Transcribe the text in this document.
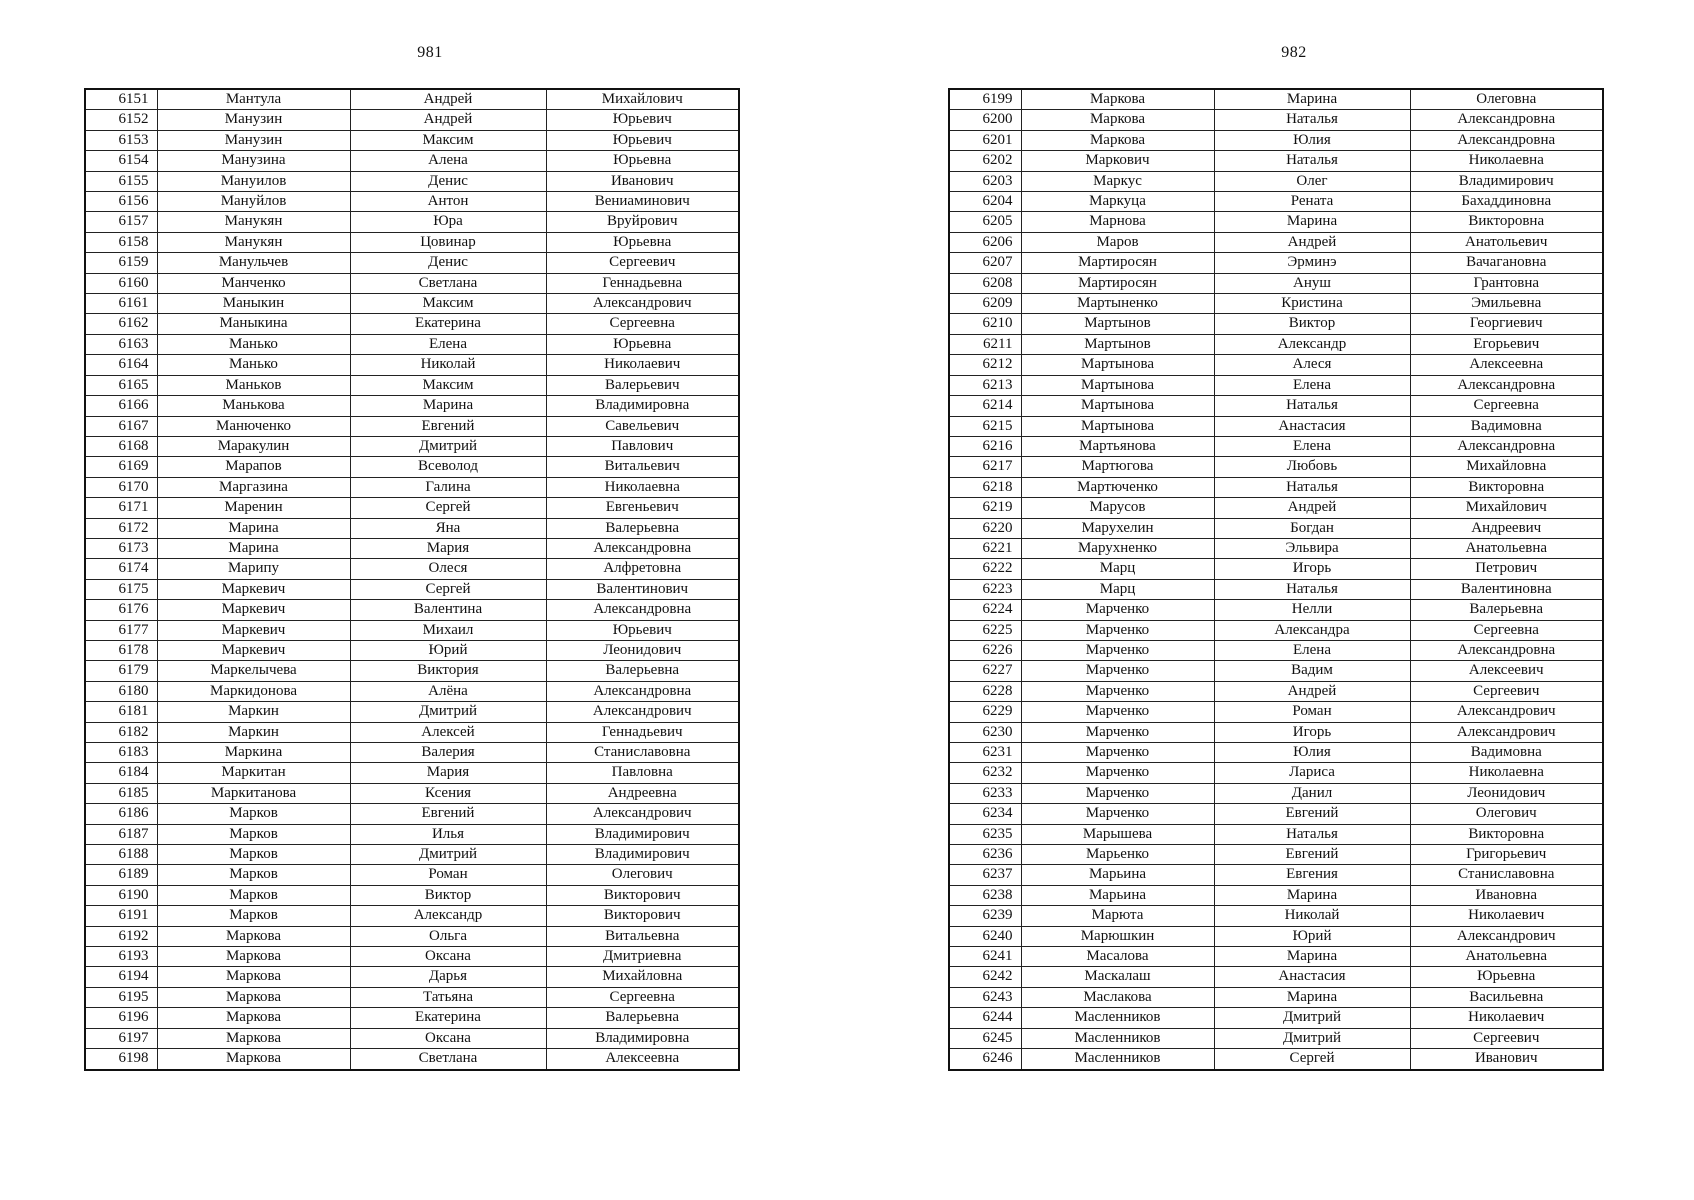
981
6151	Мантула	Андрей	Михайлович
6152	Манузин	Андрей	Юрьевич
6153	Манузин	Максим	Юрьевич
6154	Манузина	Алена	Юрьевна
6155	Мануилов	Денис	Иванович
6156	Мануйлов	Антон	Вениаминович
6157	Манукян	Юра	Вруйрович
6158	Манукян	Цовинар	Юрьевна
6159	Манульчев	Денис	Сергеевич
6160	Манченко	Светлана	Геннадьевна
6161	Маныкин	Максим	Александрович
6162	Маныкина	Екатерина	Сергеевна
6163	Манько	Елена	Юрьевна
6164	Манько	Николай	Николаевич
6165	Маньков	Максим	Валерьевич
6166	Манькова	Марина	Владимировна
6167	Манюченко	Евгений	Савельевич
6168	Маракулин	Дмитрий	Павлович
6169	Марапов	Всеволод	Витальевич
6170	Маргазина	Галина	Николаевна
6171	Маренин	Сергей	Евгеньевич
6172	Марина	Яна	Валерьевна
6173	Марина	Мария	Александровна
6174	Марипу	Олеся	Алфретовна
6175	Маркевич	Сергей	Валентинович
6176	Маркевич	Валентина	Александровна
6177	Маркевич	Михаил	Юрьевич
6178	Маркевич	Юрий	Леонидович
6179	Маркелычева	Виктория	Валерьевна
6180	Маркидонова	Алёна	Александровна
6181	Маркин	Дмитрий	Александрович
6182	Маркин	Алексей	Геннадьевич
6183	Маркина	Валерия	Станиславовна
6184	Маркитан	Мария	Павловна
6185	Маркитанова	Ксения	Андреевна
6186	Марков	Евгений	Александрович
6187	Марков	Илья	Владимирович
6188	Марков	Дмитрий	Владимирович
6189	Марков	Роман	Олегович
6190	Марков	Виктор	Викторович
6191	Марков	Александр	Викторович
6192	Маркова	Ольга	Витальевна
6193	Маркова	Оксана	Дмитриевна
6194	Маркова	Дарья	Михайловна
6195	Маркова	Татьяна	Сергеевна
6196	Маркова	Екатерина	Валерьевна
6197	Маркова	Оксана	Владимировна
6198	Маркова	Светлана	Алексеевна
982
6199	Маркова	Марина	Олеговна
6200	Маркова	Наталья	Александровна
6201	Маркова	Юлия	Александровна
6202	Маркович	Наталья	Николаевна
6203	Маркус	Олег	Владимирович
6204	Маркуца	Рената	Бахаддиновна
6205	Марнова	Марина	Викторовна
6206	Маров	Андрей	Анатольевич
6207	Мартиросян	Эрминэ	Вачагановна
6208	Мартиросян	Ануш	Грантовна
6209	Мартыненко	Кристина	Эмильевна
6210	Мартынов	Виктор	Георгиевич
6211	Мартынов	Александр	Егорьевич
6212	Мартынова	Алеся	Алексеевна
6213	Мартынова	Елена	Александровна
6214	Мартынова	Наталья	Сергеевна
6215	Мартынова	Анастасия	Вадимовна
6216	Мартьянова	Елена	Александровна
6217	Мартюгова	Любовь	Михайловна
6218	Мартюченко	Наталья	Викторовна
6219	Марусов	Андрей	Михайлович
6220	Марухелин	Богдан	Андреевич
6221	Марухненко	Эльвира	Анатольевна
6222	Марц	Игорь	Петрович
6223	Марц	Наталья	Валентиновна
6224	Марченко	Нелли	Валерьевна
6225	Марченко	Александра	Сергеевна
6226	Марченко	Елена	Александровна
6227	Марченко	Вадим	Алексеевич
6228	Марченко	Андрей	Сергеевич
6229	Марченко	Роман	Александрович
6230	Марченко	Игорь	Александрович
6231	Марченко	Юлия	Вадимовна
6232	Марченко	Лариса	Николаевна
6233	Марченко	Данил	Леонидович
6234	Марченко	Евгений	Олегович
6235	Марышева	Наталья	Викторовна
6236	Марьенко	Евгений	Григорьевич
6237	Марьина	Евгения	Станиславовна
6238	Марьина	Марина	Ивановна
6239	Марюта	Николай	Николаевич
6240	Марюшкин	Юрий	Александрович
6241	Масалова	Марина	Анатольевна
6242	Маскалаш	Анастасия	Юрьевна
6243	Маслакова	Марина	Васильевна
6244	Масленников	Дмитрий	Николаевич
6245	Масленников	Дмитрий	Сергеевич
6246	Масленников	Сергей	Иванович
